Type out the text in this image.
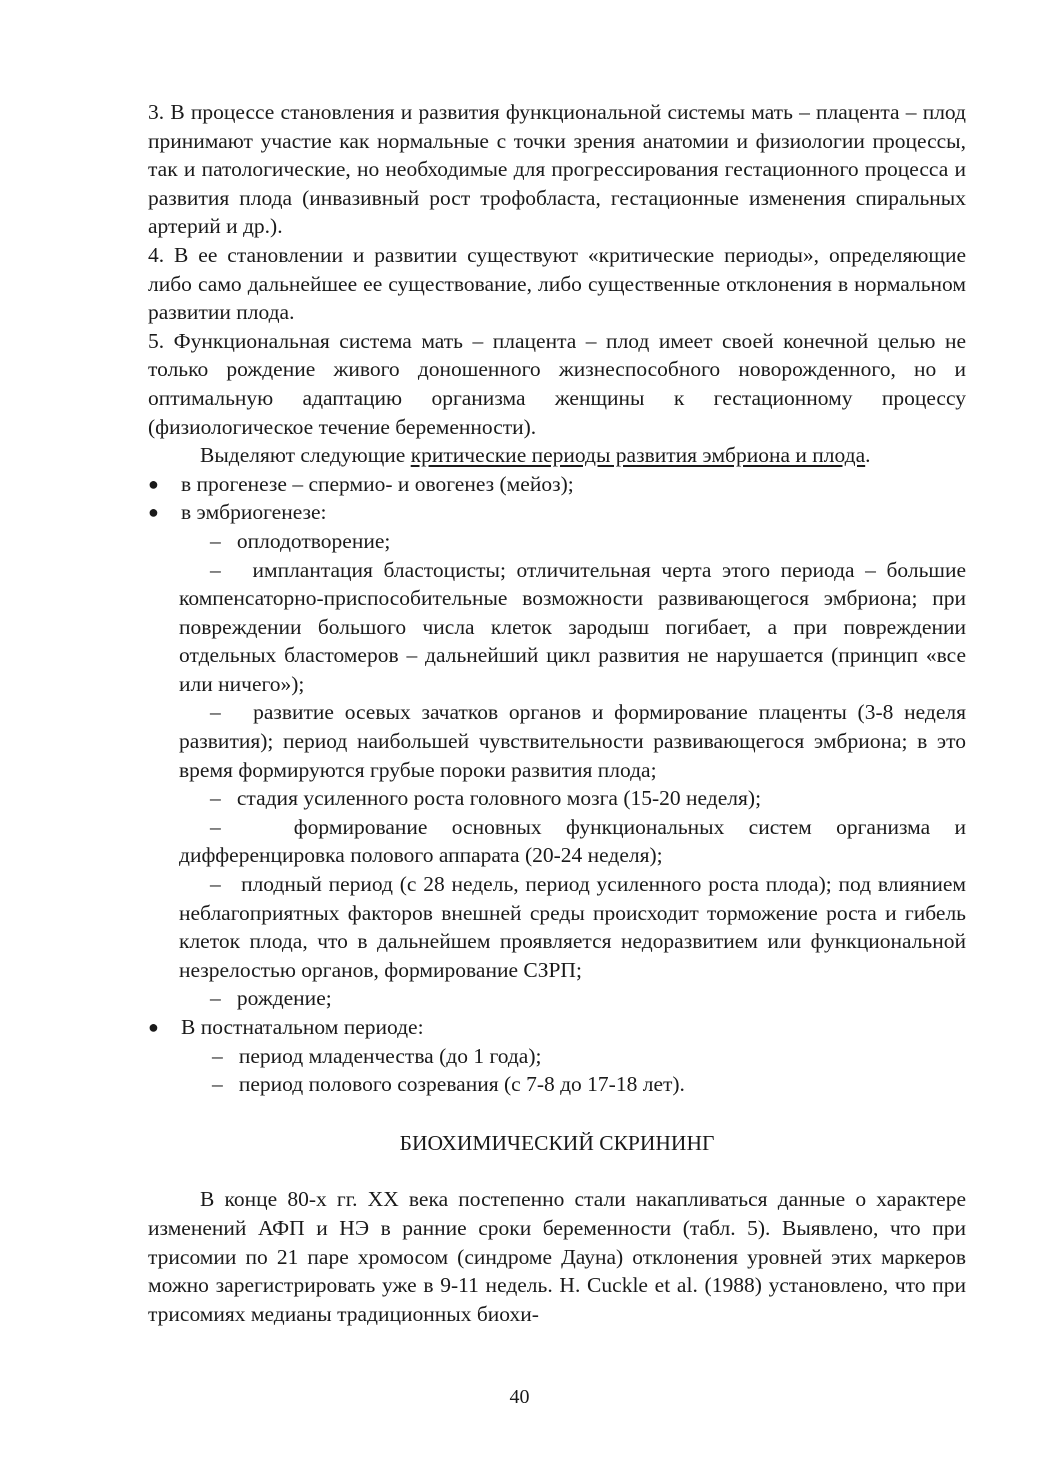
3. В процессе становления и развития функциональной системы мать – плацента – плод принимают участие как нормальные с точки зрения анатомии и физиологии процессы, так и патологические, но необходимые для прогрессирования гестационного процесса и развития плода (инвазивный рост трофобласта, гестационные изменения спиральных артерий и др.).

4. В ее становлении и развитии существуют «критические периоды», определяющие либо само дальнейшее ее существование, либо существенные отклонения в нормальном развитии плода.

5. Функциональная система мать – плацента – плод имеет своей конечной целью не только рождение живого доношенного жизнеспособного новорожденного, но и оптимальную адаптацию организма женщины к гестационному процессу (физиологическое течение беременности).

Выделяют следующие критические периоды развития эмбриона и плода.

●	в прогенезе – спермио- и овогенез (мейоз);
●	в эмбриогенезе:

– оплодотворение;

– имплантация бластоцисты; отличительная черта этого периода – большие компенсаторно-приспособительные возможности развивающегося эмбриона; при повреждении большого числа клеток зародыш погибает, а при повреждении отдельных бластомеров – дальнейший цикл развития не нарушается (принцип «все или ничего»);

– развитие осевых зачатков органов и формирование плаценты (3-8 неделя развития); период наибольшей чувствительности развивающегося эмбриона; в это время формируются грубые пороки развития плода;

– стадия усиленного роста головного мозга (15-20 неделя);

–	формирование основных функциональных систем организма и дифференцировка полового аппарата (20-24 неделя);

– плодный период (с 28 недель, период усиленного роста плода); под влиянием неблагоприятных факторов внешней среды происходит торможение роста и гибель клеток плода, что в дальнейшем проявляется недоразвитием или функциональной незрелостью органов, формирование СЗРП;

– рождение;

●	В постнатальном периоде:

– период младенчества (до 1 года);

– период полового созревания (с 7-8 до 17-18 лет).

БИОХИМИЧЕСКИЙ СКРИНИНГ

В конце 80-х гг. XX века постепенно стали накапливаться данные о характере изменений АФП и НЭ в ранние сроки беременности (табл. 5). Выявлено, что при трисомии по 21 паре хромосом (синдроме Дауна) отклонения уровней этих маркеров можно зарегистрировать уже в 9-11 недель. H. Cuckle et al. (1988) установлено, что при трисомиях медианы традиционных биохи-

40
